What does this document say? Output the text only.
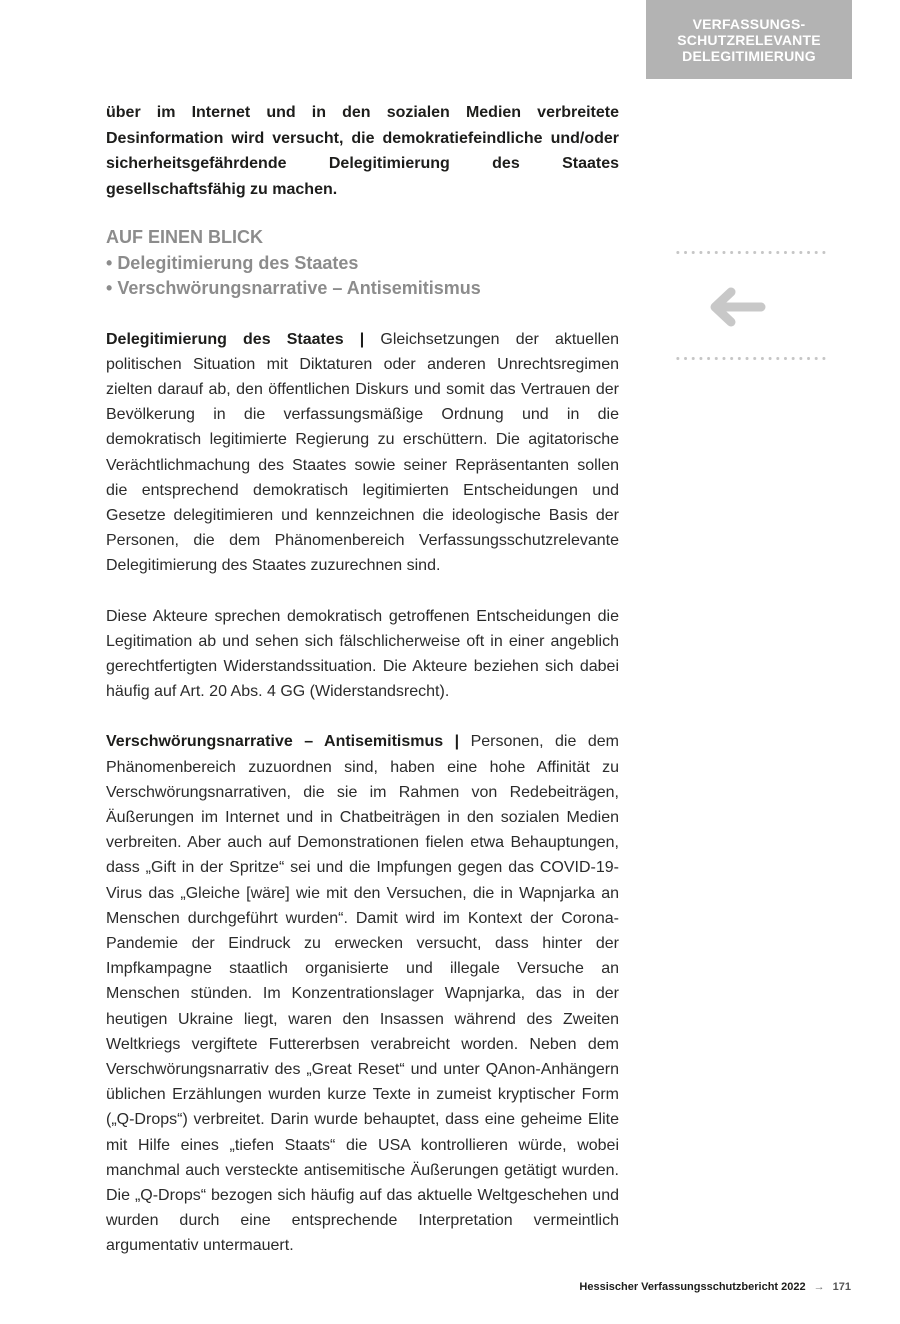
VERFASSUNGS-
SCHUTZRELEVANTE
DELEGITIMIERUNG

über im Internet und in den sozialen Medien verbreitete Desinformation wird versucht, die demokratiefeindliche und/oder sicherheitsgefährdende Delegitimierung des Staates gesellschaftsfähig zu machen.

AUF EINEN BLICK
• Delegitimierung des Staates
• Verschwörungsnarrative – Antisemitismus

Delegitimierung des Staates | Gleichsetzungen der aktuellen politischen Situation mit Diktaturen oder anderen Unrechtsregimen zielten darauf ab, den öffentlichen Diskurs und somit das Vertrauen der Bevölkerung in die verfassungsmäßige Ordnung und in die demokratisch legitimierte Regierung zu erschüttern. Die agitatorische Verächtlichmachung des Staates sowie seiner Repräsentanten sollen die entsprechend demokratisch legitimierten Entscheidungen und Gesetze delegitimieren und kennzeichnen die ideologische Basis der Personen, die dem Phänomenbereich Verfassungsschutzrelevante Delegitimierung des Staates zuzurechnen sind.

Diese Akteure sprechen demokratisch getroffenen Entscheidungen die Legitimation ab und sehen sich fälschlicherweise oft in einer angeblich gerechtfertigten Widerstandssituation. Die Akteure beziehen sich dabei häufig auf Art. 20 Abs. 4 GG (Widerstandsrecht).

Verschwörungsnarrative – Antisemitismus | Personen, die dem Phänomenbereich zuzuordnen sind, haben eine hohe Affinität zu Verschwörungsnarrativen, die sie im Rahmen von Redebeiträgen, Äußerungen im Internet und in Chatbeiträgen in den sozialen Medien verbreiten. Aber auch auf Demonstrationen fielen etwa Behauptungen, dass „Gift in der Spritze“ sei und die Impfungen gegen das COVID-19-Virus das „Gleiche [wäre] wie mit den Versuchen, die in Wapnjarka an Menschen durchgeführt wurden“. Damit wird im Kontext der Corona-Pandemie der Eindruck zu erwecken versucht, dass hinter der Impfkampagne staatlich organisierte und illegale Versuche an Menschen stünden. Im Konzentrationslager Wapnjarka, das in der heutigen Ukraine liegt, waren den Insassen während des Zweiten Weltkriegs vergiftete Futtererbsen verabreicht worden. Neben dem Verschwörungsnarrativ des „Great Reset“ und unter QAnon-Anhängern üblichen Erzählungen wurden kurze Texte in zumeist kryptischer Form („Q-Drops“) verbreitet. Darin wurde behauptet, dass eine geheime Elite mit Hilfe eines „tiefen Staats“ die USA kontrollieren würde, wobei manchmal auch versteckte antisemitische Äußerungen getätigt wurden. Die „Q-Drops“ bezogen sich häufig auf das aktuelle Weltgeschehen und wurden durch eine entsprechende Interpretation vermeintlich argumentativ untermauert.

Hessischer Verfassungsschutzbericht 2022 → 171
